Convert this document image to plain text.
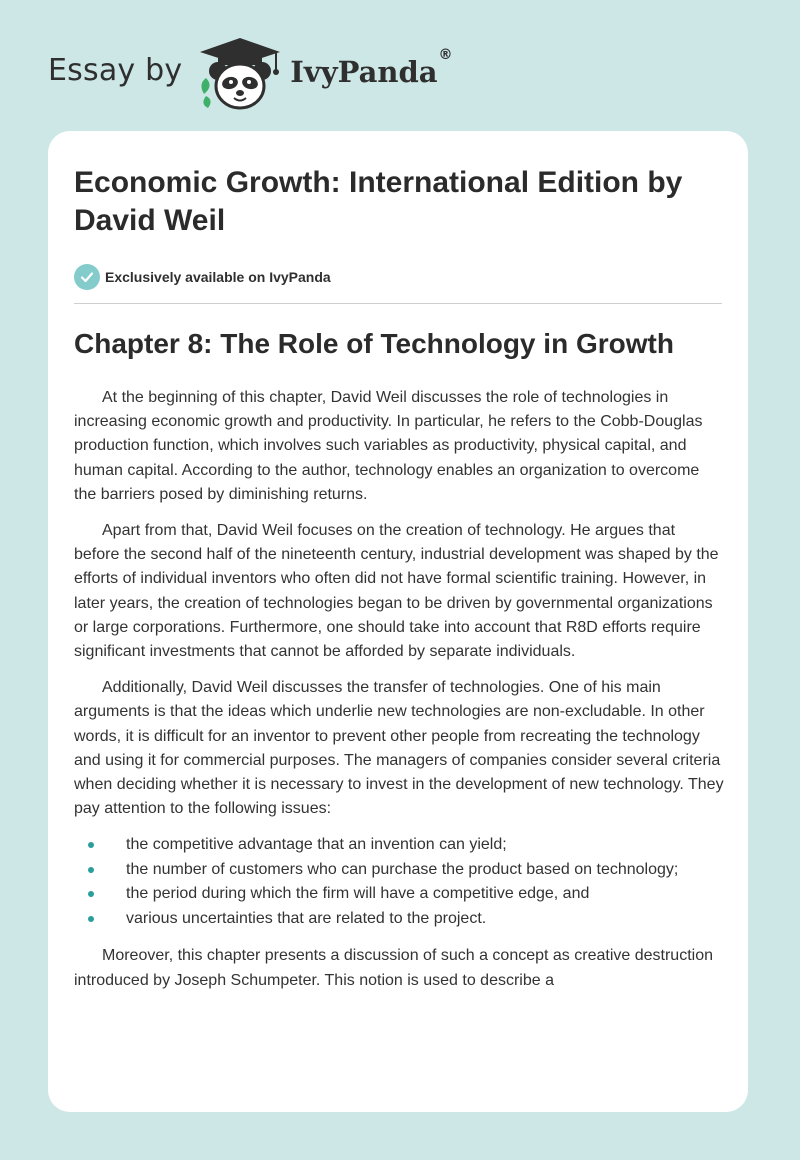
Essay by	IvyPanda®
Economic Growth: International Edition by David Weil
Exclusively available on IvyPanda
Chapter 8: The Role of Technology in Growth

At the beginning of this chapter, David Weil discusses the role of technologies in increasing economic growth and productivity. In particular, he refers to the Cobb-Douglas production function, which involves such variables as productivity, physical capital, and human capital. According to the author, technology enables an organization to overcome the barriers posed by diminishing returns.

Apart from that, David Weil focuses on the creation of technology. He argues that before the second half of the nineteenth century, industrial development was shaped by the efforts of individual inventors who often did not have formal scientific training. However, in later years, the creation of technologies began to be driven by governmental organizations or large corporations. Furthermore, one should take into account that R8D efforts require significant investments that cannot be afforded by separate individuals.

Additionally, David Weil discusses the transfer of technologies. One of his main arguments is that the ideas which underlie new technologies are non-excludable. In other words, it is difficult for an inventor to prevent other people from recreating the technology and using it for commercial purposes. The managers of companies consider several criteria when deciding whether it is necessary to invest in the development of new technology. They pay attention to the following issues:

the competitive advantage that an invention can yield;
the number of customers who can purchase the product based on technology;
the period during which the firm will have a competitive edge, and
various uncertainties that are related to the project.

Moreover, this chapter presents a discussion of such a concept as creative destruction introduced by Joseph Schumpeter. This notion is used to describe a
